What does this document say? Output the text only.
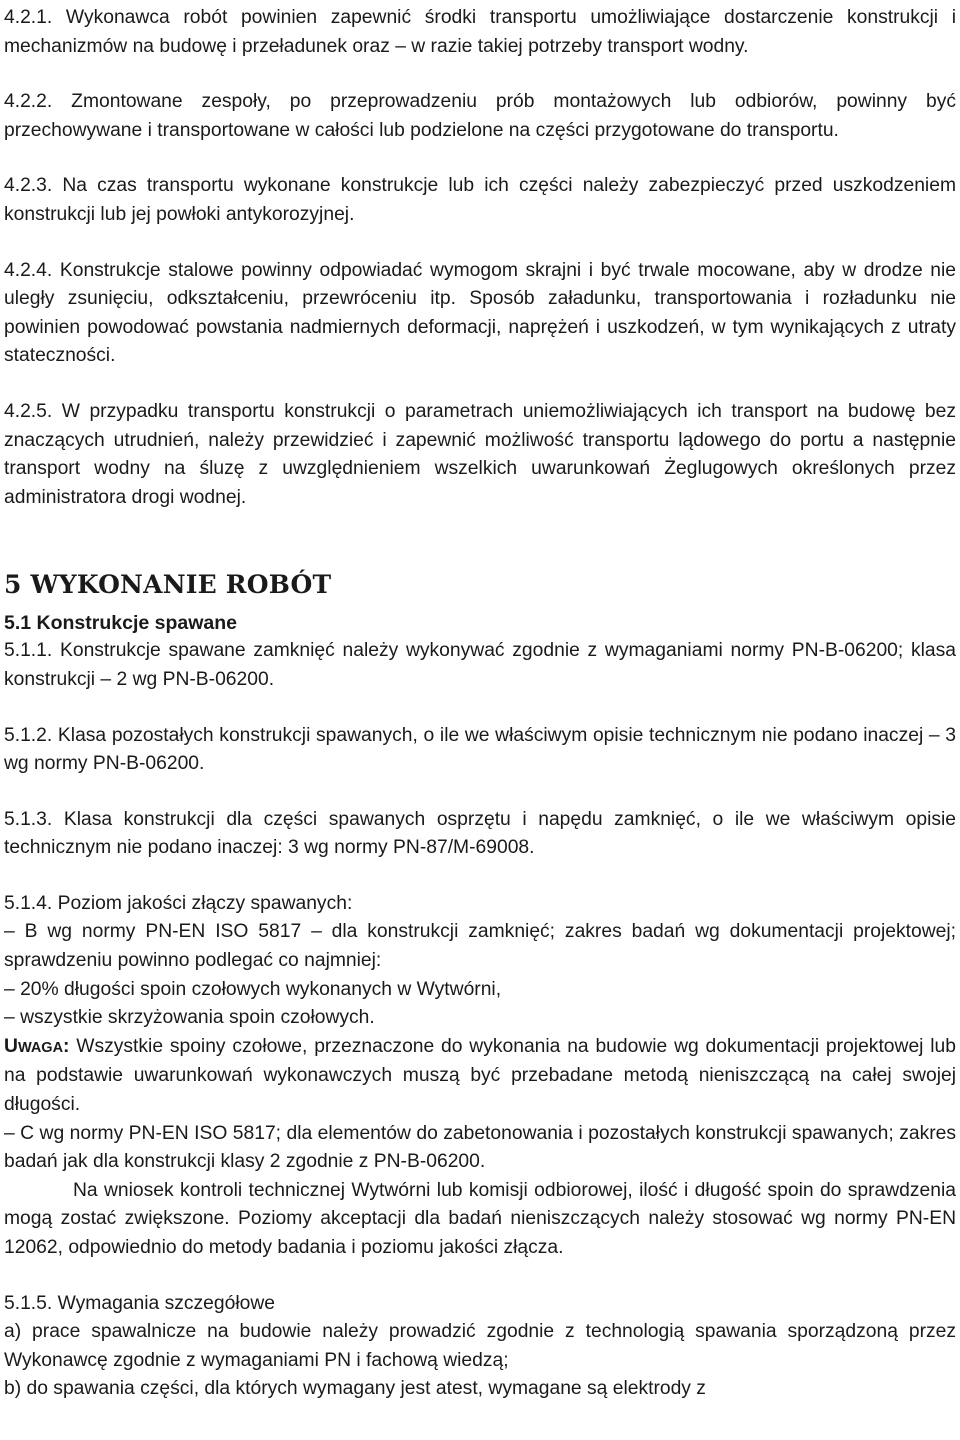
4.2.1. Wykonawca robót powinien zapewnić środki transportu umożliwiające dostarczenie konstrukcji i mechanizmów na budowę i przeładunek oraz – w razie takiej potrzeby transport wodny.

4.2.2. Zmontowane zespoły, po przeprowadzeniu prób montażowych lub odbiorów, powinny być przechowywane i transportowane w całości lub podzielone na części przygotowane do transportu.

4.2.3. Na czas transportu wykonane konstrukcje lub ich części należy zabezpieczyć przed uszkodzeniem konstrukcji lub jej powłoki antykorozyjnej.

4.2.4. Konstrukcje stalowe powinny odpowiadać wymogom skrajni i być trwale mocowane, aby w drodze nie uległy zsunięciu, odkształceniu, przewróceniu itp. Sposób załadunku, transportowania i rozładunku nie powinien powodować powstania nadmiernych deformacji, naprężeń i uszkodzeń, w tym wynikających z utraty stateczności.

4.2.5. W przypadku transportu konstrukcji o parametrach uniemożliwiających ich transport na budowę bez znaczących utrudnień, należy przewidzieć i zapewnić możliwość transportu lądowego do portu a następnie transport wodny na śluzę z uwzględnieniem wszelkich uwarunkowań Żeglugowych określonych przez administratora drogi wodnej.

5 WYKONANIE ROBÓT
5.1 Konstrukcje spawane

5.1.1. Konstrukcje spawane zamknięć należy wykonywać zgodnie z wymaganiami normy PN-B-06200; klasa konstrukcji – 2 wg PN-B-06200.

5.1.2. Klasa pozostałych konstrukcji spawanych, o ile we właściwym opisie technicznym nie podano inaczej – 3 wg normy PN-B-06200.

5.1.3. Klasa konstrukcji dla części spawanych osprzętu i napędu zamknięć, o ile we właściwym opisie technicznym nie podano inaczej: 3 wg normy PN-87/M-69008.

5.1.4. Poziom jakości złączy spawanych:

– B wg normy PN-EN ISO 5817 – dla konstrukcji zamknięć; zakres badań wg dokumentacji projektowej; sprawdzeniu powinno podlegać co najmniej:

– 20% długości spoin czołowych wykonanych w Wytwórni,

– wszystkie skrzyżowania spoin czołowych.

UWAGA: Wszystkie spoiny czołowe, przeznaczone do wykonania na budowie wg dokumentacji projektowej lub na podstawie uwarunkowań wykonawczych muszą być przebadane metodą nieniszczącą na całej swojej długości.

– C wg normy PN-EN ISO 5817; dla elementów do zabetonowania i pozostałych konstrukcji spawanych; zakres badań jak dla konstrukcji klasy 2 zgodnie z PN-B-06200.

Na wniosek kontroli technicznej Wytwórni lub komisji odbiorowej, ilość i długość spoin do sprawdzenia mogą zostać zwiększone. Poziomy akceptacji dla badań nieniszczących należy stosować wg normy PN-EN 12062, odpowiednio do metody badania i poziomu jakości złącza.

5.1.5. Wymagania szczegółowe

a) prace spawalnicze na budowie należy prowadzić zgodnie z technologią spawania sporządzoną przez Wykonawcę zgodnie z wymaganiami PN i fachową wiedzą;

b) do spawania części, dla których wymagany jest atest, wymagane są elektrody z
